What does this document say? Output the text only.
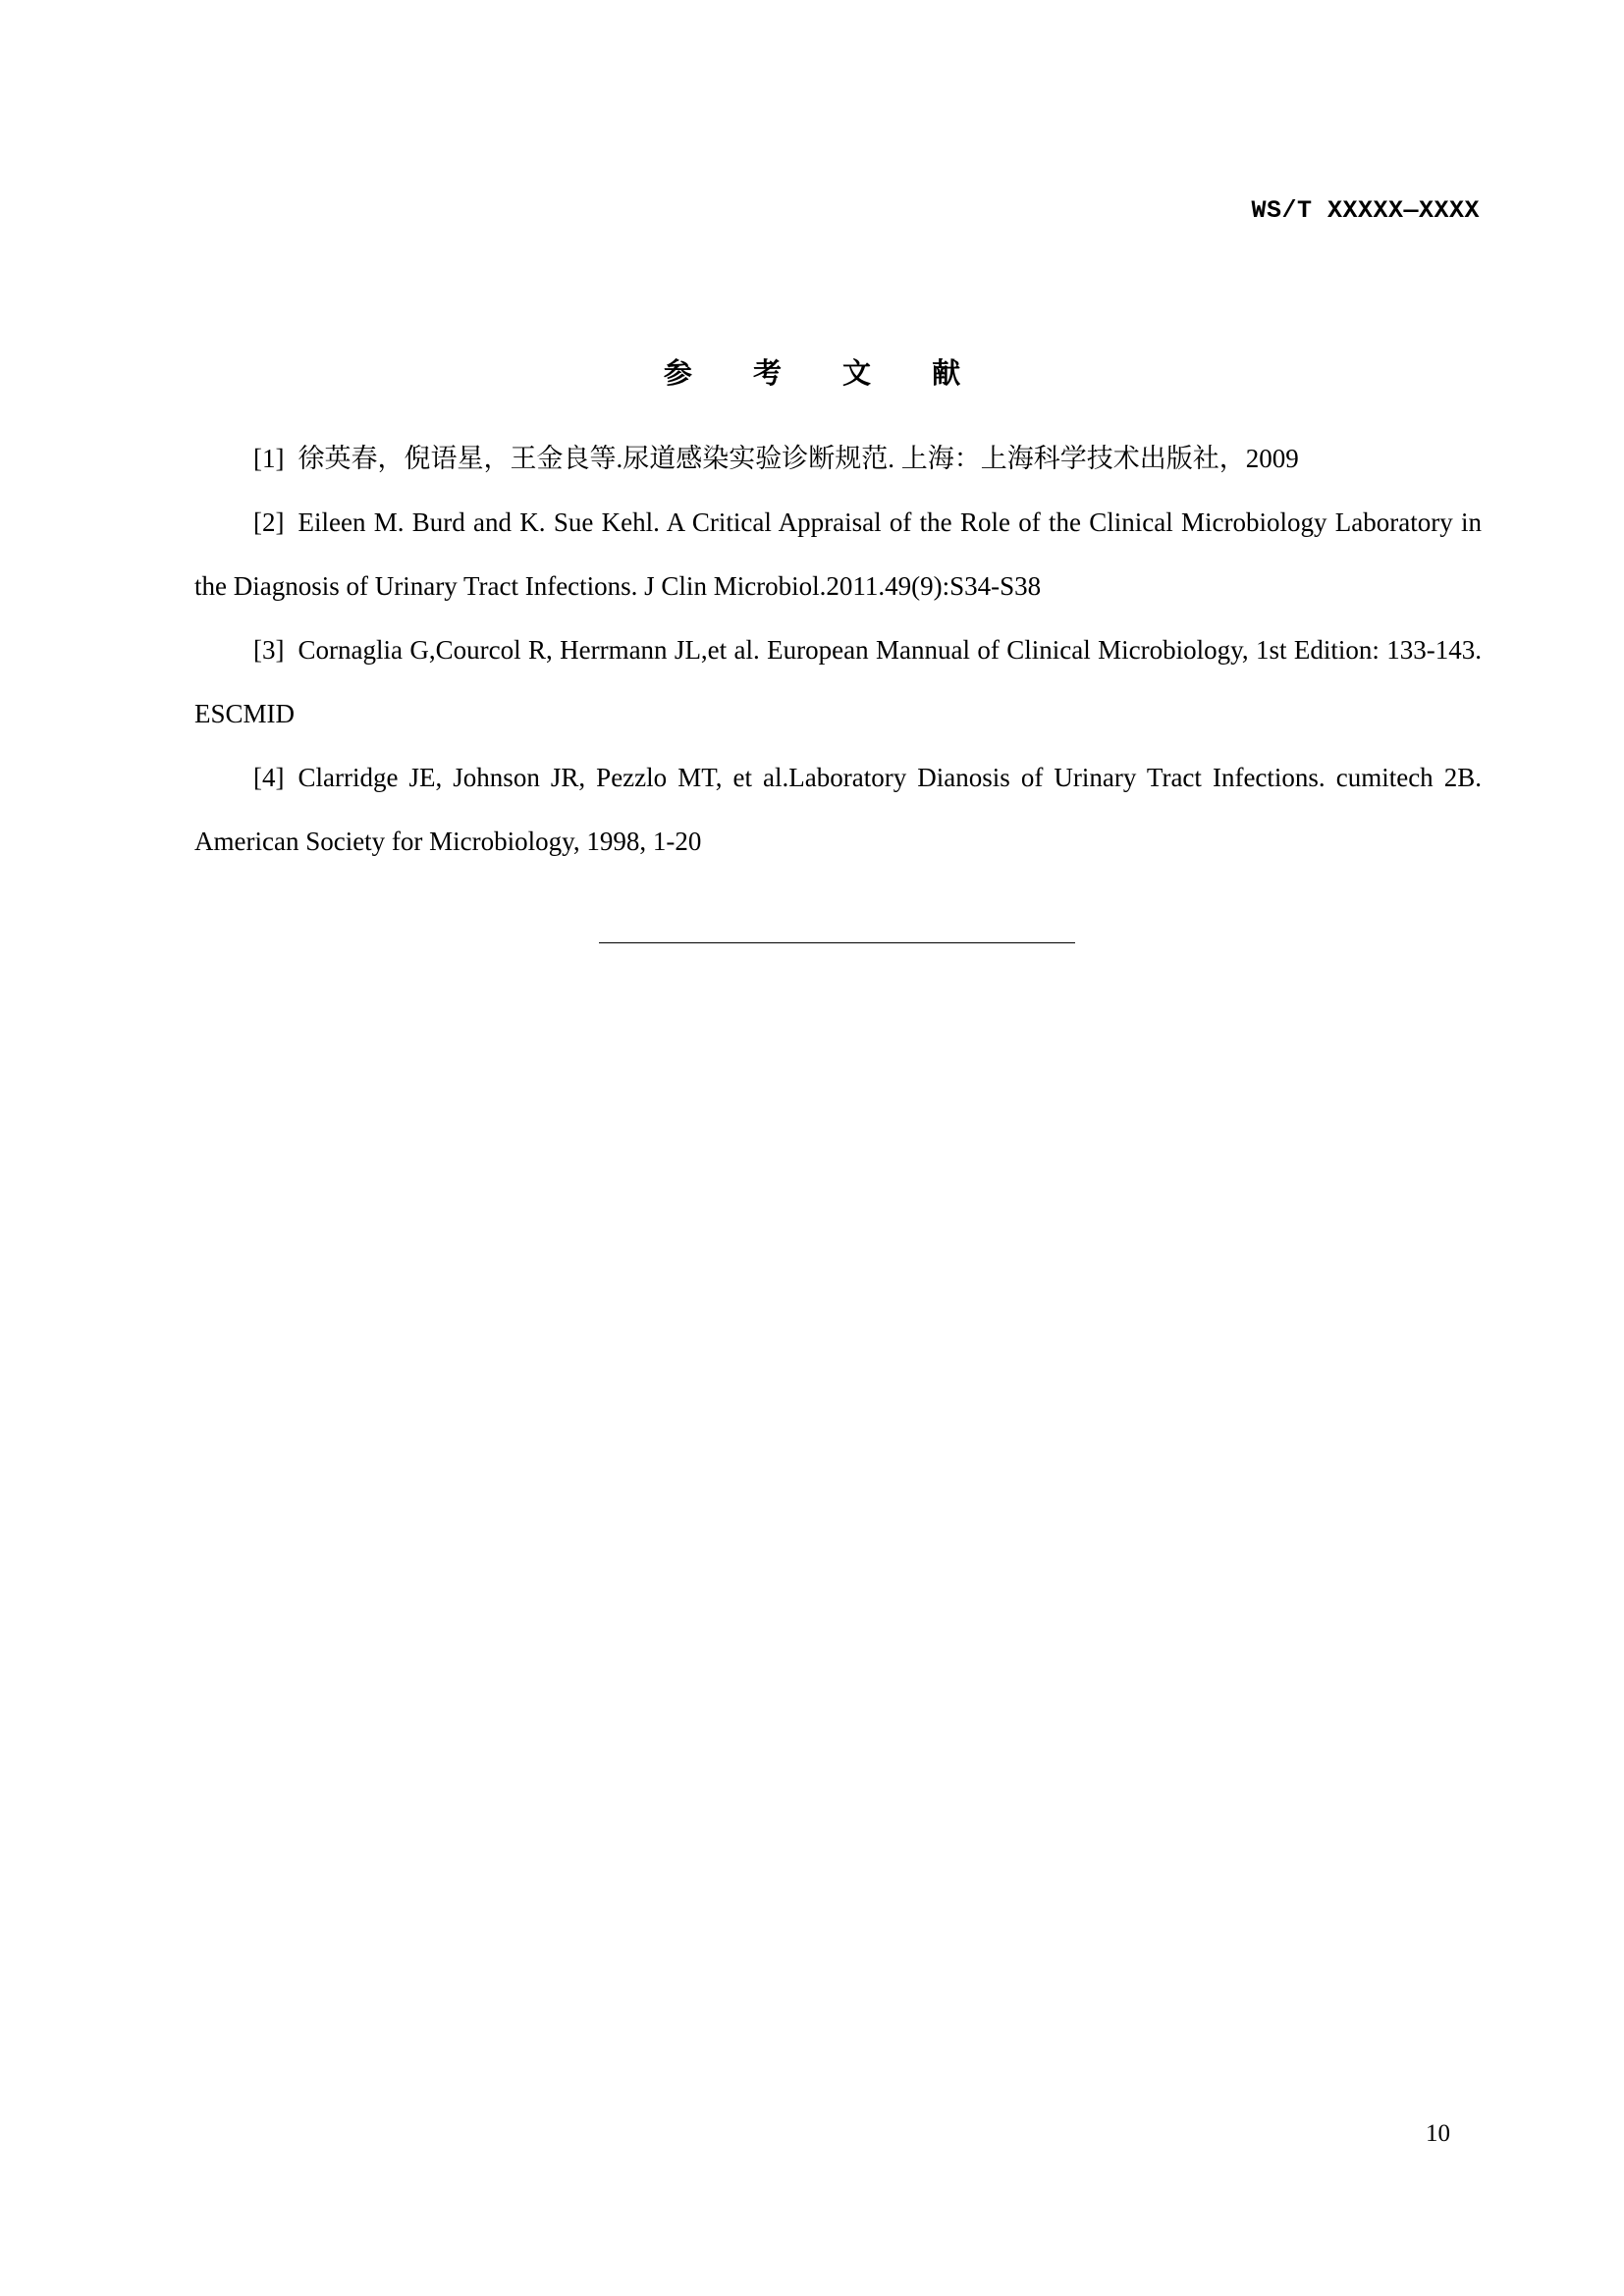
WS/T XXXXX—XXXX
参 考 文 献

[1] 徐英春，倪语星，王金良等.尿道感染实验诊断规范. 上海：上海科学技术出版社，2009

[2] Eileen M. Burd and K. Sue Kehl. A Critical Appraisal of the Role of the Clinical Microbiology Laboratory in the Diagnosis of Urinary Tract Infections. J Clin Microbiol.2011.49(9):S34-S38

[3] Cornaglia G,Courcol R, Herrmann JL,et al. European Mannual of Clinical Microbiology, 1st Edition: 133-143. ESCMID

[4] Clarridge JE, Johnson JR, Pezzlo MT, et al.Laboratory Dianosis of Urinary Tract Infections. cumitech 2B. American Society for Microbiology, 1998, 1-20

10
